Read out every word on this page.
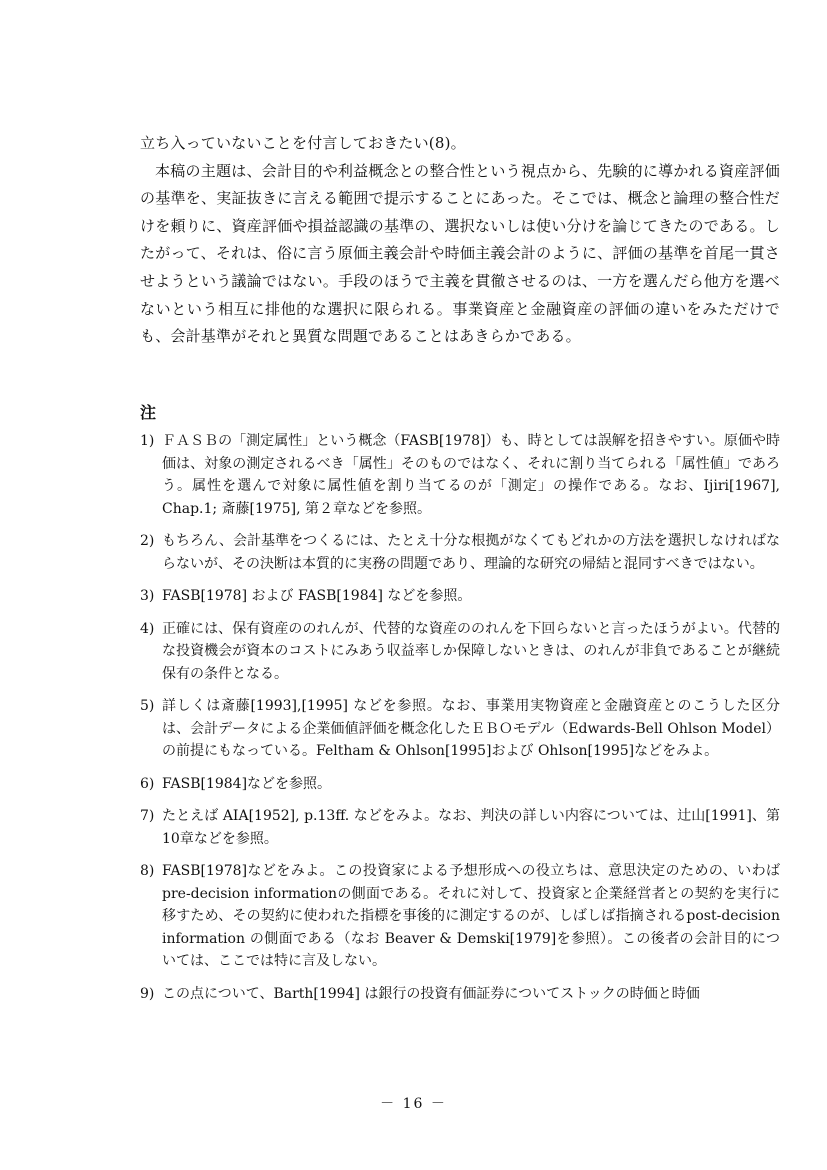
立ち入っていないことを付言しておきたい(8)。

本稿の主題は、会計目的や利益概念との整合性という視点から、先験的に導かれる資産評価の基準を、実証抜きに言える範囲で提示することにあった。そこでは、概念と論理の整合性だけを頼りに、資産評価や損益認識の基準の、選択ないしは使い分けを論じてきたのである。したがって、それは、俗に言う原価主義会計や時価主義会計のように、評価の基準を首尾一貫させようという議論ではない。手段のほうで主義を貫徹させるのは、一方を選んだら他方を選べないという相互に排他的な選択に限られる。事業資産と金融資産の評価の違いをみただけでも、会計基準がそれと異質な問題であることはあきらかである。

注
1) ＦＡＳＢの「測定属性」という概念（FASB[1978]）も、時としては誤解を招きやすい。原価や時価は、対象の測定されるべき「属性」そのものではなく、それに割り当てられる「属性値」であろう。属性を選んで対象に属性値を割り当てるのが「測定」の操作である。なお、Ijiri[1967], Chap.1; 斎藤[1975], 第２章などを参照。
2) もちろん、会計基準をつくるには、たとえ十分な根拠がなくてもどれかの方法を選択しなければならないが、その決断は本質的に実務の問題であり、理論的な研究の帰結と混同すべきではない。
3) FASB[1978] および FASB[1984] などを参照。
4) 正確には、保有資産ののれんが、代替的な資産ののれんを下回らないと言ったほうがよい。代替的な投資機会が資本のコストにみあう収益率しか保障しないときは、のれんが非負であることが継続保有の条件となる。
5) 詳しくは斎藤[1993],[1995] などを参照。なお、事業用実物資産と金融資産とのこうした区分は、会計データによる企業価値評価を概念化したＥＢＯモデル（Edwards-Bell Ohlson Model）の前提にもなっている。Feltham & Ohlson[1995]および Ohlson[1995]などをみよ。
6) FASB[1984]などを参照。
7) たとえば AIA[1952], p.13ff. などをみよ。なお、判決の詳しい内容については、辻山[1991]、第10章などを参照。
8) FASB[1978]などをみよ。この投資家による予想形成への役立ちは、意思決定のための、いわばpre-decision informationの側面である。それに対して、投資家と企業経営者との契約を実行に移すため、その契約に使われた指標を事後的に測定するのが、しばしば指摘されるpost-decision information の側面である（なお Beaver & Demski[1979]を参照）。この後者の会計目的については、ここでは特に言及しない。
9) この点について、Barth[1994] は銀行の投資有価証券についてストックの時価と時価
－ 16 －
